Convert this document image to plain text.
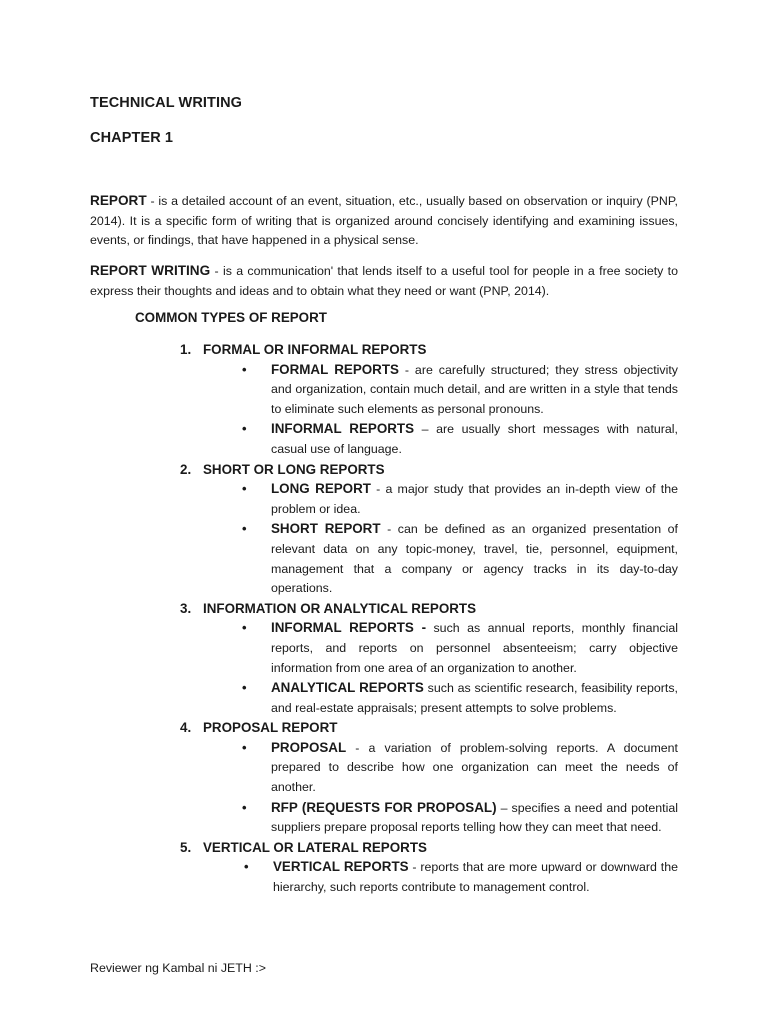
TECHNICAL WRITING
CHAPTER 1

REPORT - is a detailed account of an event, situation, etc., usually based on observation or inquiry (PNP, 2014). It is a specific form of writing that is organized around concisely identifying and examining issues, events, or findings, that have happened in a physical sense.

REPORT WRITING - is a communication' that lends itself to a useful tool for people in a free society to express their thoughts and ideas and to obtain what they need or want (PNP, 2014).

COMMON TYPES OF REPORT
1. FORMAL OR INFORMAL REPORTS
•	FORMAL REPORTS - are carefully structured; they stress objectivity and organization, contain much detail, and are written in a style that tends to eliminate such elements as personal pronouns.
•	INFORMAL REPORTS – are usually short messages with natural, casual use of language.
2. SHORT OR LONG REPORTS
•	LONG REPORT - a major study that provides an in-depth view of the problem or idea.
•	SHORT REPORT - can be defined as an organized presentation of relevant data on any topic-money, travel, tie, personnel, equipment, management that a company or agency tracks in its day-to-day operations.
3. INFORMATION OR ANALYTICAL REPORTS
•	INFORMAL REPORTS - such as annual reports, monthly financial reports, and reports on personnel absenteeism; carry objective information from one area of an organization to another.
•	ANALYTICAL REPORTS such as scientific research, feasibility reports, and real-estate appraisals; present attempts to solve problems.
4. PROPOSAL REPORT
•	PROPOSAL - a variation of problem-solving reports. A document prepared to describe how one organization can meet the needs of another.
•	RFP (REQUESTS FOR PROPOSAL) – specifies a need and potential suppliers prepare proposal reports telling how they can meet that need.
5. VERTICAL OR LATERAL REPORTS
•	VERTICAL REPORTS - reports that are more upward or downward the hierarchy, such reports contribute to management control.
Reviewer ng Kambal ni JETH :>
